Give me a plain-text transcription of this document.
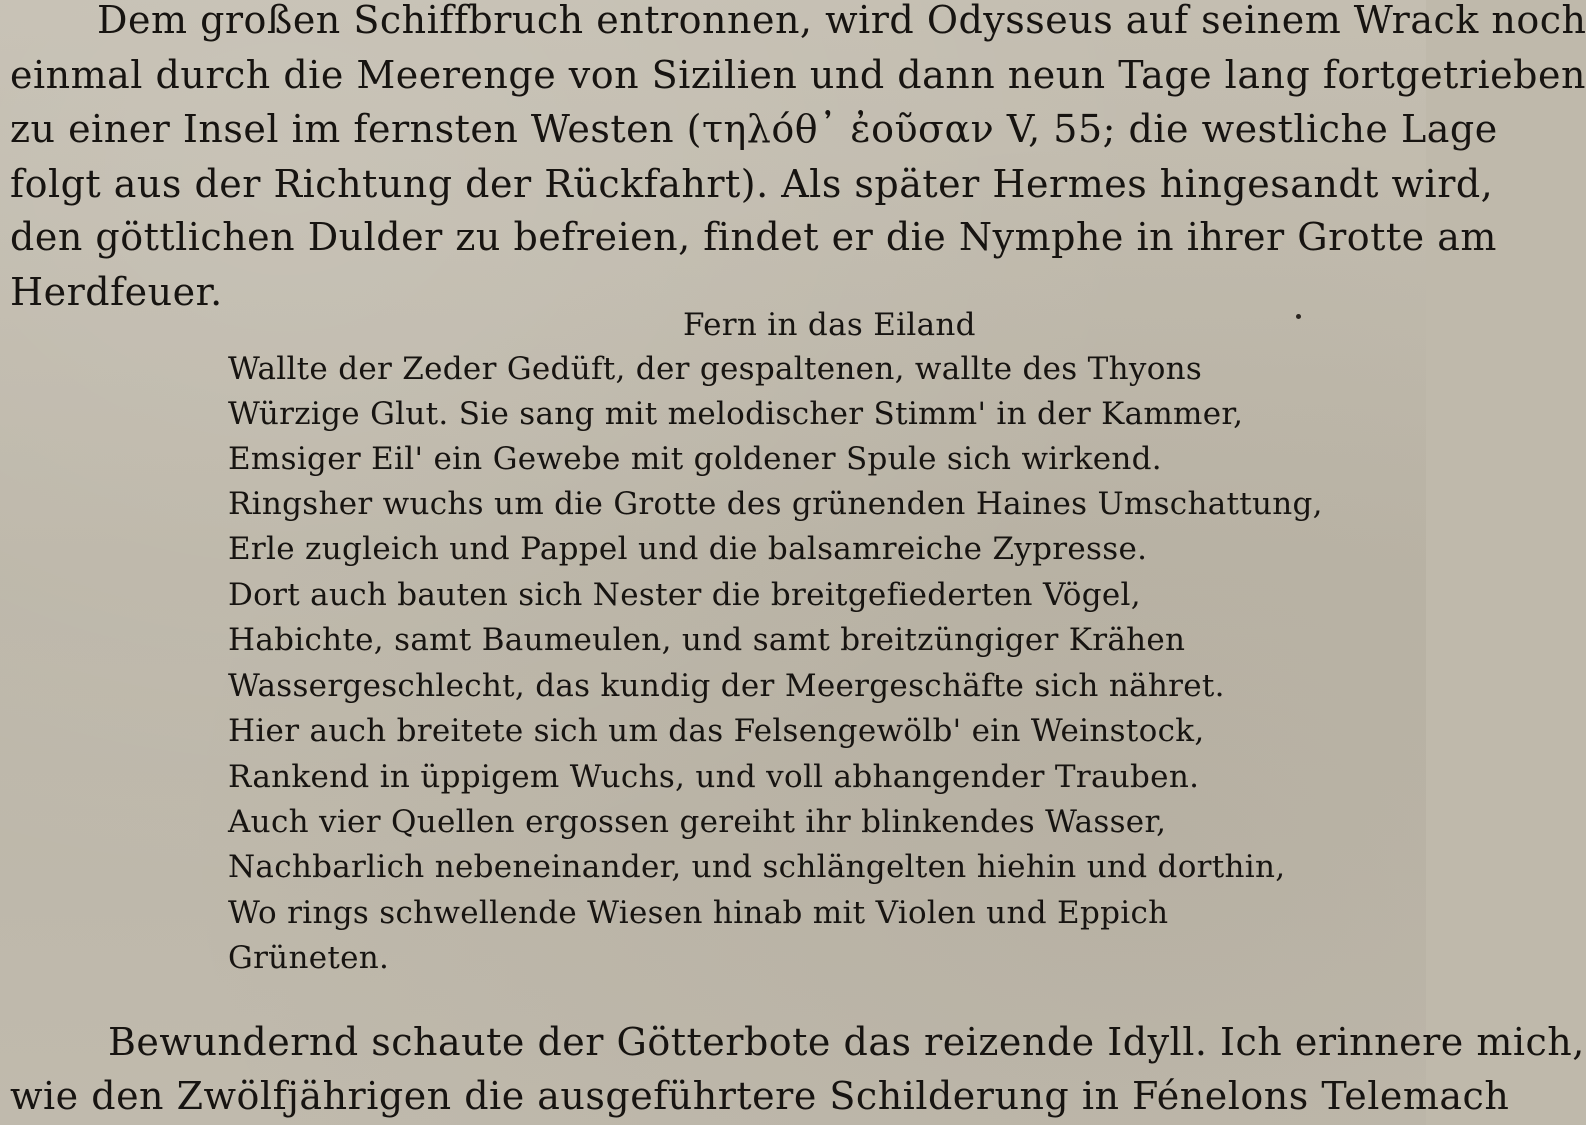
Dem großen Schiffbruch entronnen, wird Odysseus auf seinem Wrack noch
einmal durch die Meerenge von Sizilien und dann neun Tage lang fortgetrieben
zu einer Insel im fernsten Westen (τηλόθ᾽ ἐοῦσαν V, 55; die westliche Lage
folgt aus der Richtung der Rückfahrt). Als später Hermes hingesandt wird,
den göttlichen Dulder zu befreien, findet er die Nymphe in ihrer Grotte am
Herdfeuer.
Fern in das Eiland
Wallte der Zeder Gedüft, der gespaltenen, wallte des Thyons
Würzige Glut. Sie sang mit melodischer Stimm' in der Kammer,
Emsiger Eil' ein Gewebe mit goldener Spule sich wirkend.
Ringsher wuchs um die Grotte des grünenden Haines Umschattung,
Erle zugleich und Pappel und die balsamreiche Zypresse.
Dort auch bauten sich Nester die breitgefiederten Vögel,
Habichte, samt Baumeulen, und samt breitzüngiger Krähen
Wassergeschlecht, das kundig der Meergeschäfte sich nähret.
Hier auch breitete sich um das Felsengewölb' ein Weinstock,
Rankend in üppigem Wuchs, und voll abhangender Trauben.
Auch vier Quellen ergossen gereiht ihr blinkendes Wasser,
Nachbarlich nebeneinander, und schlängelten hiehin und dorthin,
Wo rings schwellende Wiesen hinab mit Violen und Eppich
Grüneten.
Bewundernd schaute der Götterbote das reizende Idyll. Ich erinnere mich,
wie den Zwölfjährigen die ausgeführtere Schilderung in Fénelons Telemach
